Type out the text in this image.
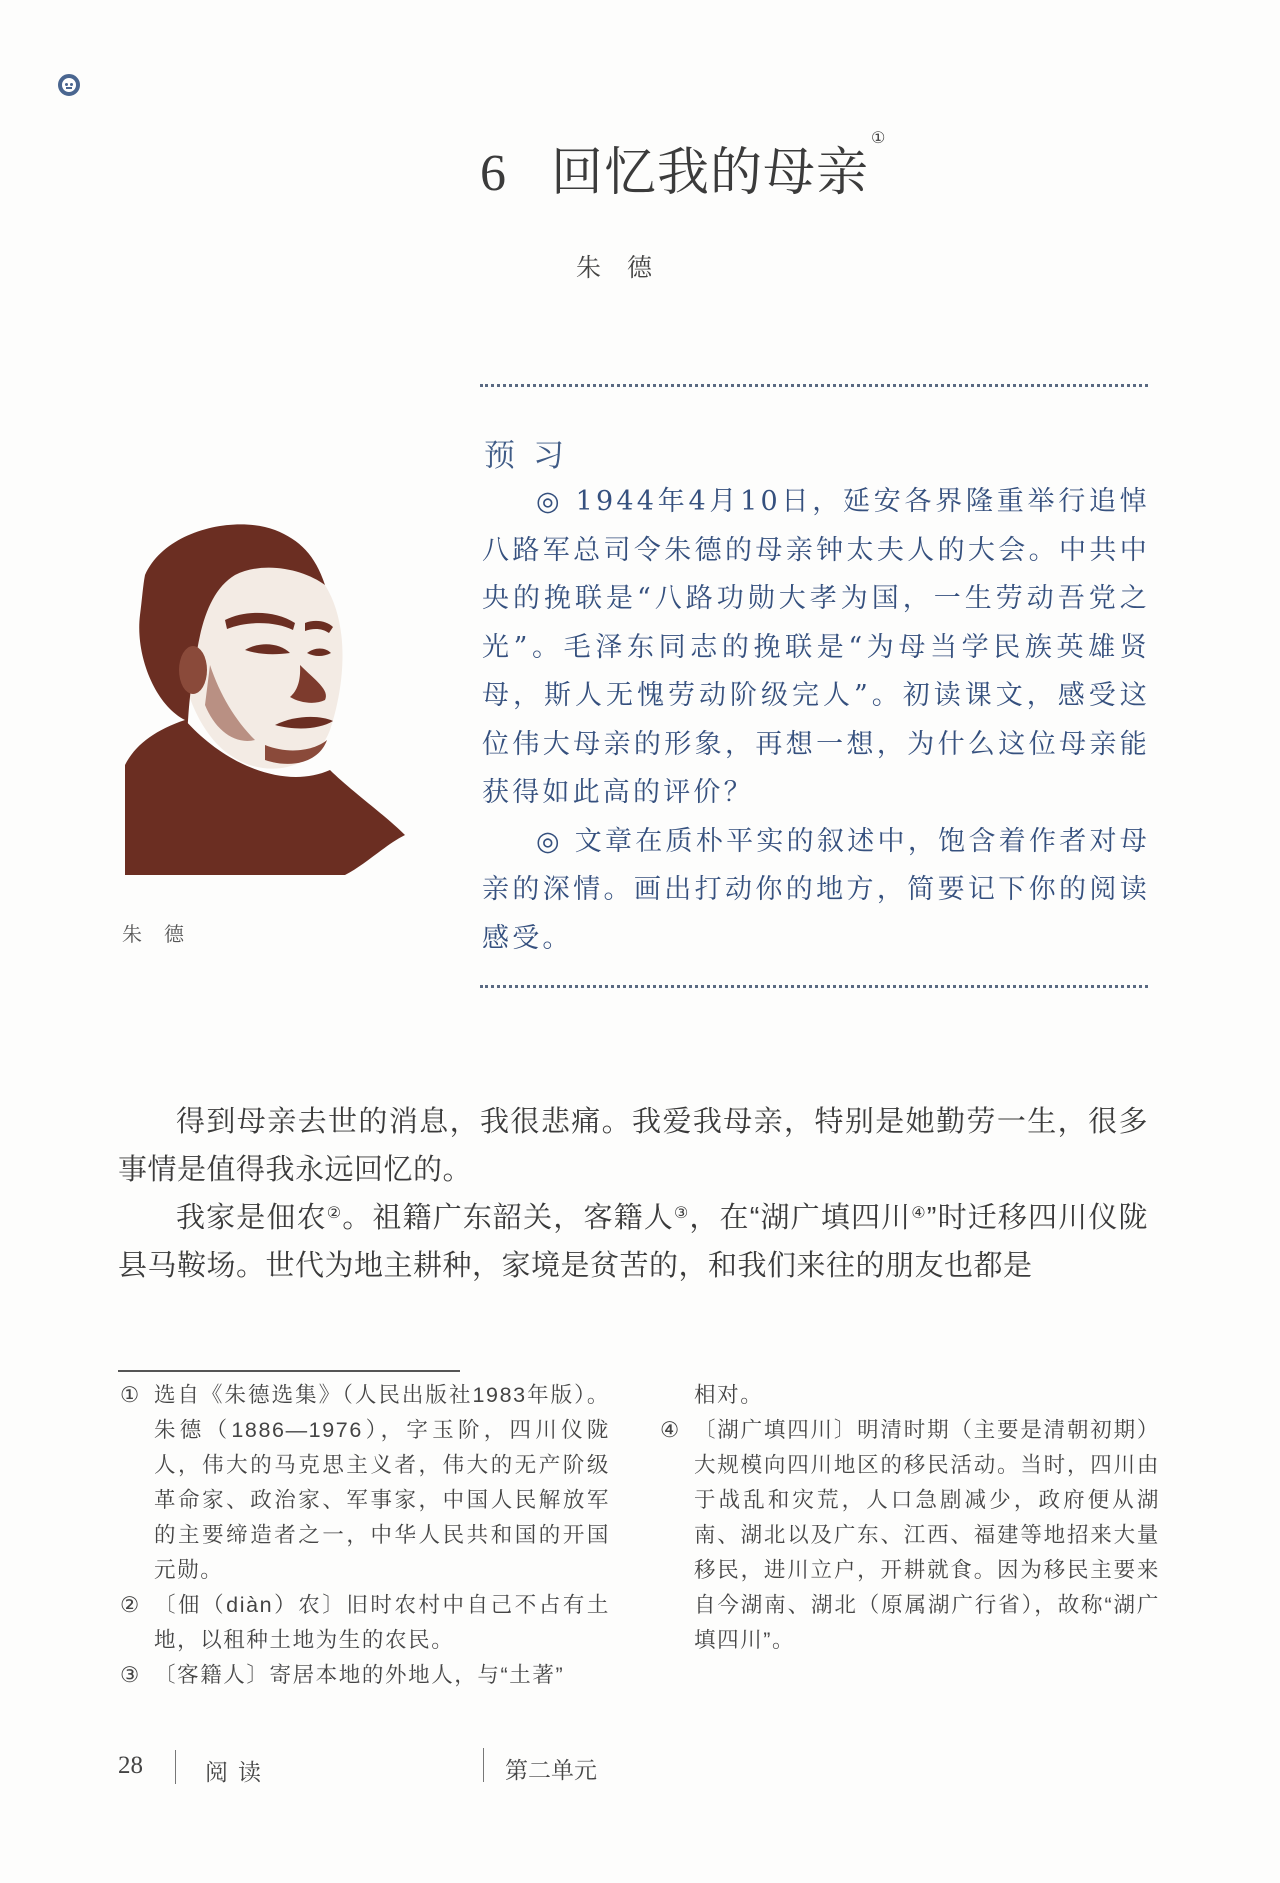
6 回忆我的母亲①
朱德
预习

◎ 1944年4月10日，延安各界隆重举行追悼八路军总司令朱德的母亲钟太夫人的大会。中共中央的挽联是“八路功勋大孝为国，一生劳动吾党之光”。毛泽东同志的挽联是“为母当学民族英雄贤母，斯人无愧劳动阶级完人”。初读课文，感受这位伟大母亲的形象，再想一想，为什么这位母亲能获得如此高的评价？

◎ 文章在质朴平实的叙述中，饱含着作者对母亲的深情。画出打动你的地方，简要记下你的阅读感受。

朱德

得到母亲去世的消息，我很悲痛。我爱我母亲，特别是她勤劳一生，很多事情是值得我永远回忆的。

我家是佃农②。祖籍广东韶关，客籍人③，在“湖广填四川④”时迁移四川仪陇县马鞍场。世代为地主耕种，家境是贫苦的，和我们来往的朋友也都是

① 选自《朱德选集》（人民出版社1983年版）。朱德（1886—1976），字玉阶，四川仪陇人，伟大的马克思主义者，伟大的无产阶级革命家、政治家、军事家，中国人民解放军的主要缔造者之一，中华人民共和国的开国元勋。
② 〔佃（diàn）农〕旧时农村中自己不占有土地，以租种土地为生的农民。
③ 〔客籍人〕寄居本地的外地人，与“土著”
相对。
④ 〔湖广填四川〕明清时期（主要是清朝初期）大规模向四川地区的移民活动。当时，四川由于战乱和灾荒，人口急剧减少，政府便从湖南、湖北以及广东、江西、福建等地招来大量移民，进川立户，开耕就食。因为移民主要来自今湖南、湖北（原属湖广行省），故称“湖广填四川”。
28	阅读	第二单元
